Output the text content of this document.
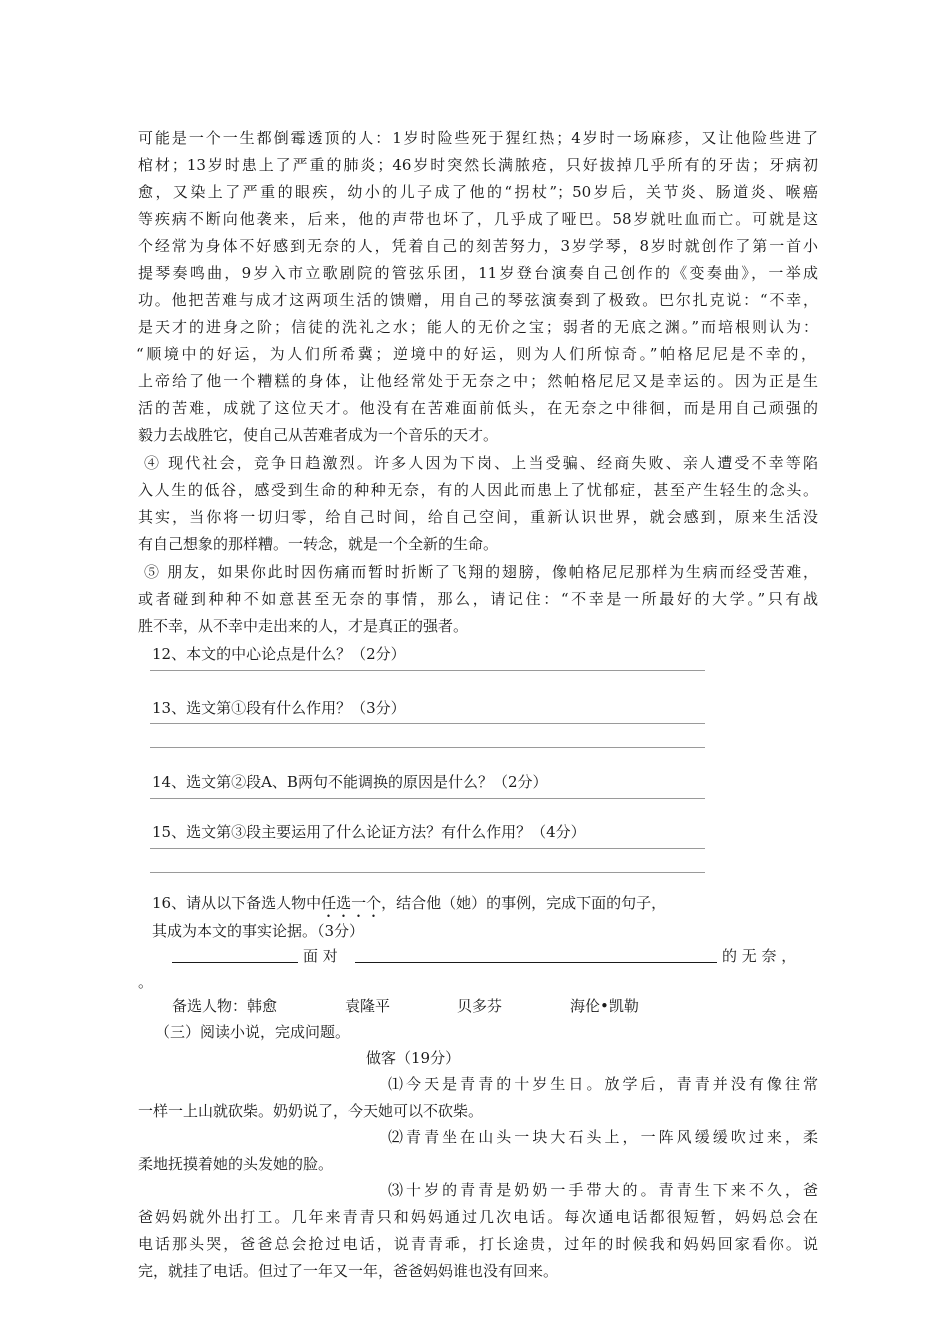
可能是一个一生都倒霉透顶的人：1岁时险些死于猩红热；4岁时一场麻疹，又让他险些进了
棺材；13岁时患上了严重的肺炎；46岁时突然长满脓疮，只好拔掉几乎所有的牙齿；牙病初
愈，又染上了严重的眼疾，幼小的儿子成了他的“拐杖”；50岁后，关节炎、肠道炎、喉癌
等疾病不断向他袭来，后来，他的声带也坏了，几乎成了哑巴。58岁就吐血而亡。可就是这
个经常为身体不好感到无奈的人，凭着自己的刻苦努力，3岁学琴，8岁时就创作了第一首小
提琴奏鸣曲，9岁入市立歌剧院的管弦乐团，11岁登台演奏自己创作的《变奏曲》，一举成
功。他把苦难与成才这两项生活的馈赠，用自己的琴弦演奏到了极致。巴尔扎克说：“不幸，
是天才的进身之阶；信徒的洗礼之水；能人的无价之宝；弱者的无底之渊。”而培根则认为：
“顺境中的好运，为人们所希冀；逆境中的好运，则为人们所惊奇。”帕格尼尼是不幸的，
上帝给了他一个糟糕的身体，让他经常处于无奈之中；然帕格尼尼又是幸运的。因为正是生
活的苦难，成就了这位天才。他没有在苦难面前低头，在无奈之中徘徊，而是用自己顽强的
毅力去战胜它，使自己从苦难者成为一个音乐的天才。
④ 现代社会，竞争日趋激烈。许多人因为下岗、上当受骗、经商失败、亲人遭受不幸等陷
入人生的低谷，感受到生命的种种无奈，有的人因此而患上了忧郁症，甚至产生轻生的念头。
其实，当你将一切归零，给自己时间，给自己空间，重新认识世界，就会感到，原来生活没
有自己想象的那样糟。一转念，就是一个全新的生命。
⑤ 朋友，如果你此时因伤痛而暂时折断了飞翔的翅膀，像帕格尼尼那样为生病而经受苦难，
或者碰到种种不如意甚至无奈的事情，那么，请记住：“不幸是一所最好的大学。”只有战
胜不幸，从不幸中走出来的人，才是真正的强者。
12、本文的中心论点是什么？（2分）
13、选文第①段有什么作用？（3分）
14、选文第②段A、B两句不能调换的原因是什么？（2分）
15、选文第③段主要运用了什么论证方法？有什么作用？（4分）
16、请从以下备选人物中任选一个，结合他（她）的事例，完成下面的句子，
其成为本文的事实论据。（3分）
面 对	的 无 奈 ，
。
备选人物： 韩愈	袁隆平	贝多芬	海伦•凯勒
（三）阅读小说，完成问题。
做客（19分）
⑴今天是青青的十岁生日。放学后，青青并没有像往常
一样一上山就砍柴。奶奶说了，今天她可以不砍柴。
⑵青青坐在山头一块大石头上，一阵风缓缓吹过来，柔
柔地抚摸着她的头发她的脸。
⑶十岁的青青是奶奶一手带大的。青青生下来不久，爸
爸妈妈就外出打工。几年来青青只和妈妈通过几次电话。每次通电话都很短暂，妈妈总会在
电话那头哭，爸爸总会抢过电话，说青青乖，打长途贵，过年的时候我和妈妈回家看你。说
完，就挂了电话。但过了一年又一年，爸爸妈妈谁也没有回来。
